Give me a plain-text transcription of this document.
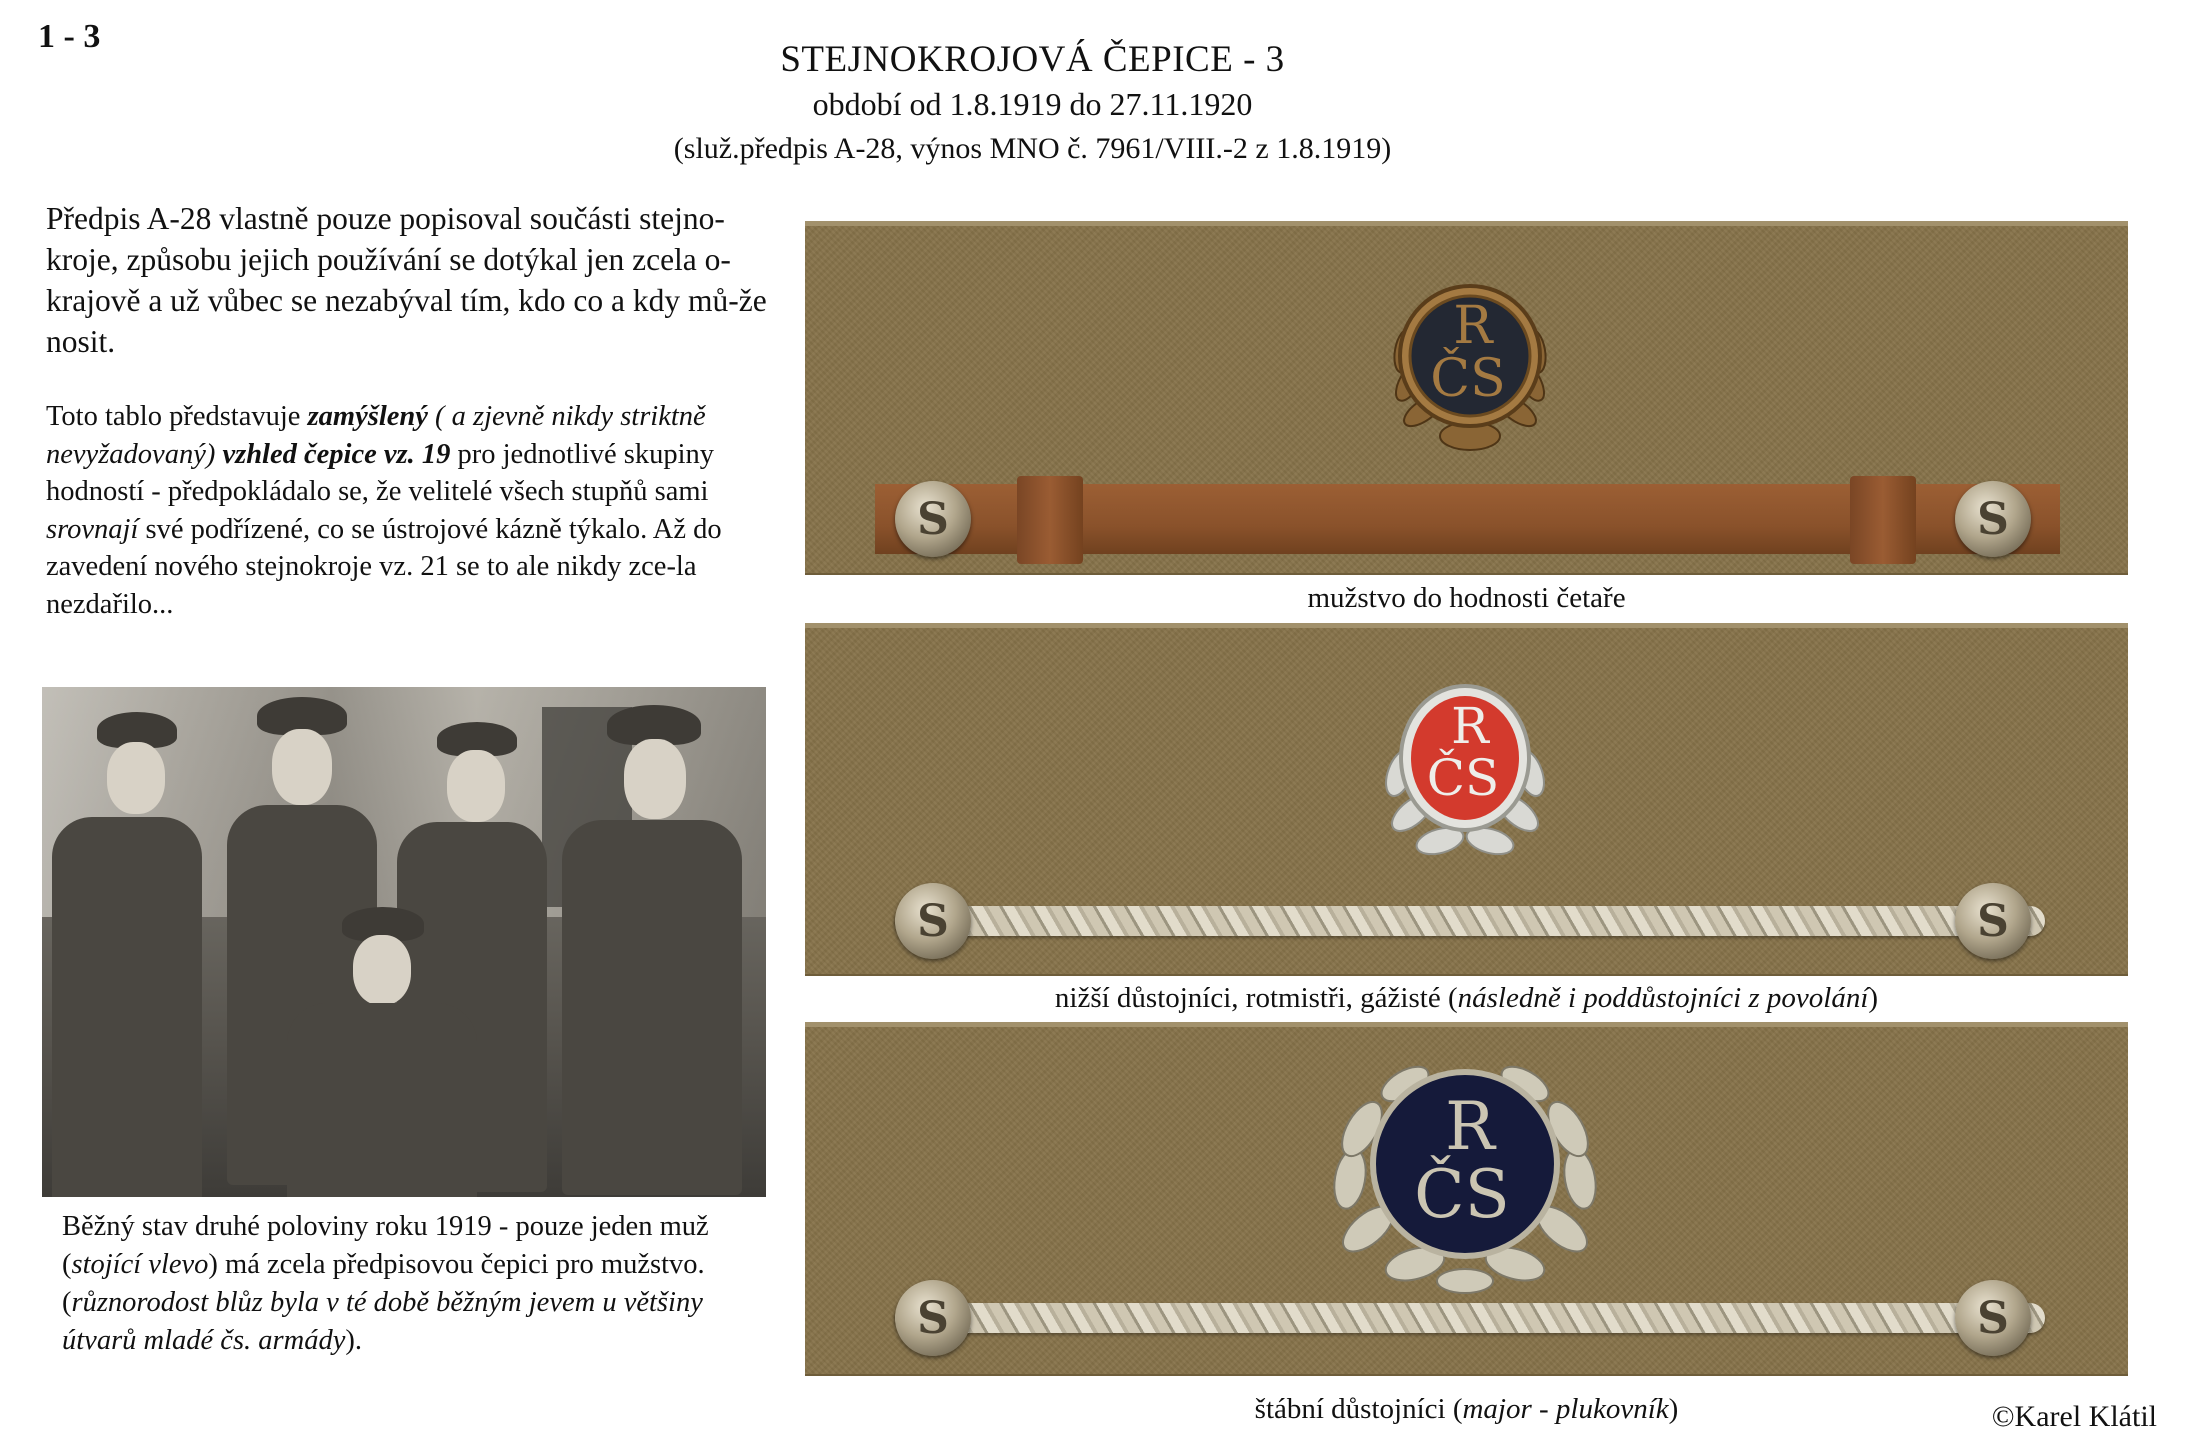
1 - 3
STEJNOKROJOVÁ ČEPICE - 3
období od 1.8.1919 do 27.11.1920
(služ.předpis A-28, výnos MNO č. 7961/VIII.-2 z 1.8.1919)

Předpis A-28 vlastně pouze popisoval součásti stejno-kroje, způsobu jejich používání se dotýkal jen zcela o-krajově a už vůbec se nezabýval tím, kdo co a kdy mů-že nosit.

Toto tablo představuje zamýšlený ( a zjevně nikdy striktně nevyžadovaný) vzhled čepice vz. 19 pro jednotlivé skupiny hodností - předpokládalo se, že velitelé všech stupňů sami srovnají své podřízené, co se ústrojové kázně týkalo. Až do zavedení nového stejnokroje vz. 21 se to ale nikdy zce-la nezdařilo...

Běžný stav druhé poloviny roku 1919 - pouze jeden muž (stojící vlevo) má zcela předpisovou čepici pro mužstvo. (různorodost blůz byla v té době běžným jevem u většiny útvarů mladé čs. armády).

R
ČS
S	S
mužstvo do hodnosti četaře
R
ČS
S	S
nižší důstojníci, rotmistři, gážisté (následně i poddůstojníci z povolání)
R
ČS
S	S
štábní důstojníci (major - plukovník)	©Karel Klátil
